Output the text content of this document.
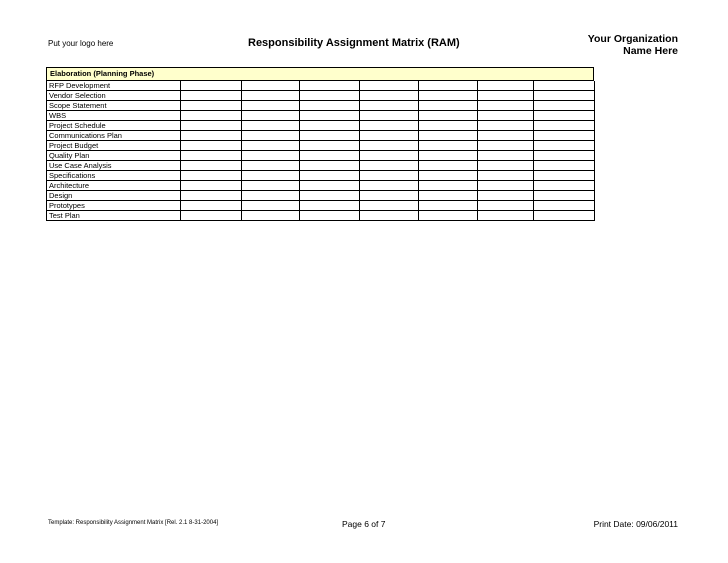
Put your logo here	Responsibility Assignment Matrix (RAM)	Your Organization
Name Here
Elaboration (Planning Phase)
RFP Development							
Vendor Selection							
Scope Statement							
WBS							
Project Schedule							
Communications Plan							
Project Budget							
Quality Plan							
Use Case Analysis							
Specifications							
Architecture							
Design							
Prototypes							
Test Plan							
Template: Responsibility Assignment Matrix [Rel. 2.1 8-31-2004]	Page 6 of 7	Print Date: 09/06/2011
